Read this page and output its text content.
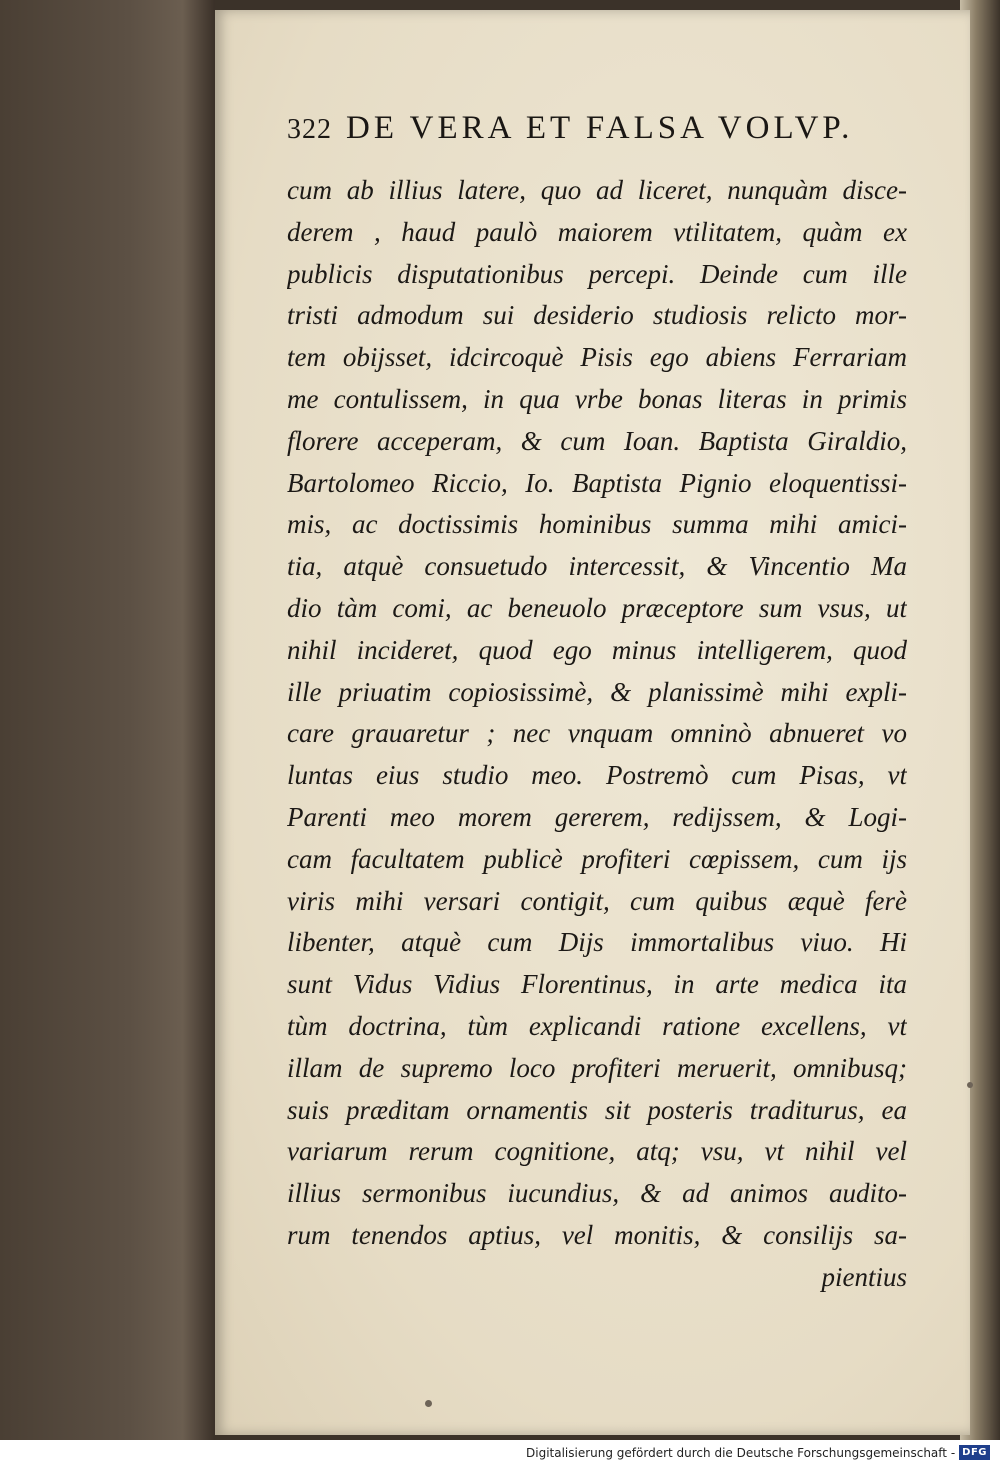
322 DE VERA ET FALSA VOLVP.
cum ab illius latere, quo ad liceret, nunquàm disce-
derem , haud paulò maiorem vtilitatem, quàm ex
publicis disputationibus percepi. Deinde cum ille
tristi admodum sui desiderio studiosis relicto mor-
tem obijsset, idcircoquè Pisis ego abiens Ferrariam
me contulissem, in qua vrbe bonas literas in primis
florere acceperam, & cum Ioan. Baptista Giraldio,
Bartolomeo Riccio, Io. Baptista Pignio eloquentissi-
mis, ac doctissimis hominibus summa mihi amici-
tia, atquè consuetudo intercessit, & Vincentio Ma
dio tàm comi, ac beneuolo præceptore sum vsus, ut
nihil incideret, quod ego minus intelligerem, quod
ille priuatim copiosissimè, & planissimè mihi expli-
care grauaretur ; nec vnquam omninò abnueret vo
luntas eius studio meo. Postremò cum Pisas, vt
Parenti meo morem gererem, redijssem, & Logi-
cam facultatem publicè profiteri cœpissem, cum ijs
viris mihi versari contigit, cum quibus æquè ferè
libenter, atquè cum Dijs immortalibus viuo. Hi
sunt Vidus Vidius Florentinus, in arte medica ita
tùm doctrina, tùm explicandi ratione excellens, vt
illam de supremo loco profiteri meruerit, omnibusq;
suis præditam ornamentis sit posteris traditurus, ea
variarum rerum cognitione, atq; vsu, vt nihil vel
illius sermonibus iucundius, & ad animos audito-
rum tenendos aptius, vel monitis, & consilijs sa-
pientius
Digitalisierung gefördert durch die Deutsche Forschungsgemeinschaft - DFG
